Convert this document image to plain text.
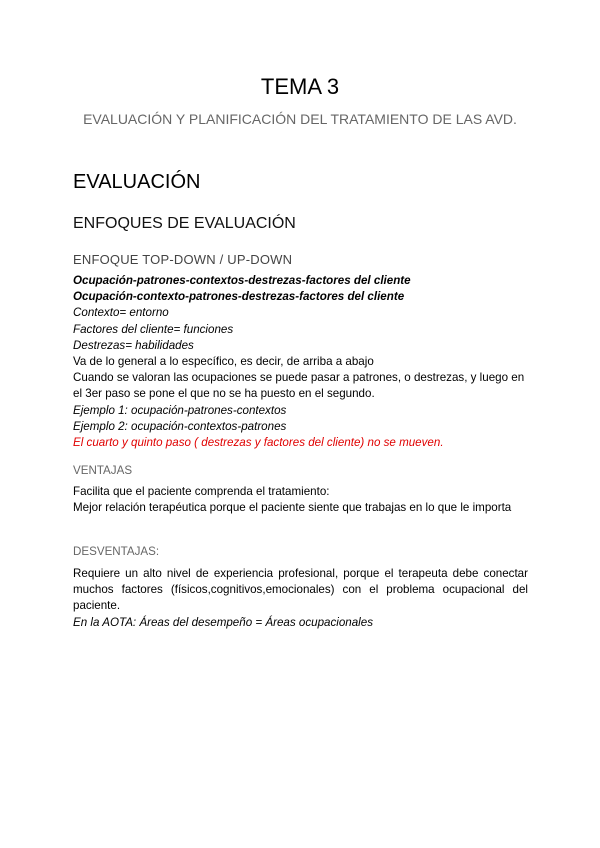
TEMA 3

EVALUACIÓN Y PLANIFICACIÓN DEL TRATAMIENTO DE LAS AVD.

EVALUACIÓN
ENFOQUES DE EVALUACIÓN
ENFOQUE TOP-DOWN / UP-DOWN

Ocupación-patrones-contextos-destrezas-factores del cliente

Ocupación-contexto-patrones-destrezas-factores del cliente

Contexto= entorno

Factores del cliente= funciones

Destrezas= habilidades

Va de lo general a lo específico, es decir, de arriba a abajo

Cuando se valoran las ocupaciones se puede pasar a patrones, o destrezas, y luego en el 3er paso se pone el que no se ha puesto en el segundo.

Ejemplo 1: ocupación-patrones-contextos

Ejemplo 2: ocupación-contextos-patrones

El cuarto y quinto paso ( destrezas y factores del cliente) no se mueven.

VENTAJAS

Facilita que el paciente comprenda el tratamiento:

Mejor relación terapéutica porque el paciente siente que trabajas en lo que le importa

DESVENTAJAS:

Requiere un alto nivel de experiencia profesional, porque el terapeuta debe conectar muchos factores (físicos,cognitivos,emocionales) con el problema ocupacional del paciente.

En la AOTA: Áreas del desempeño = Áreas ocupacionales
